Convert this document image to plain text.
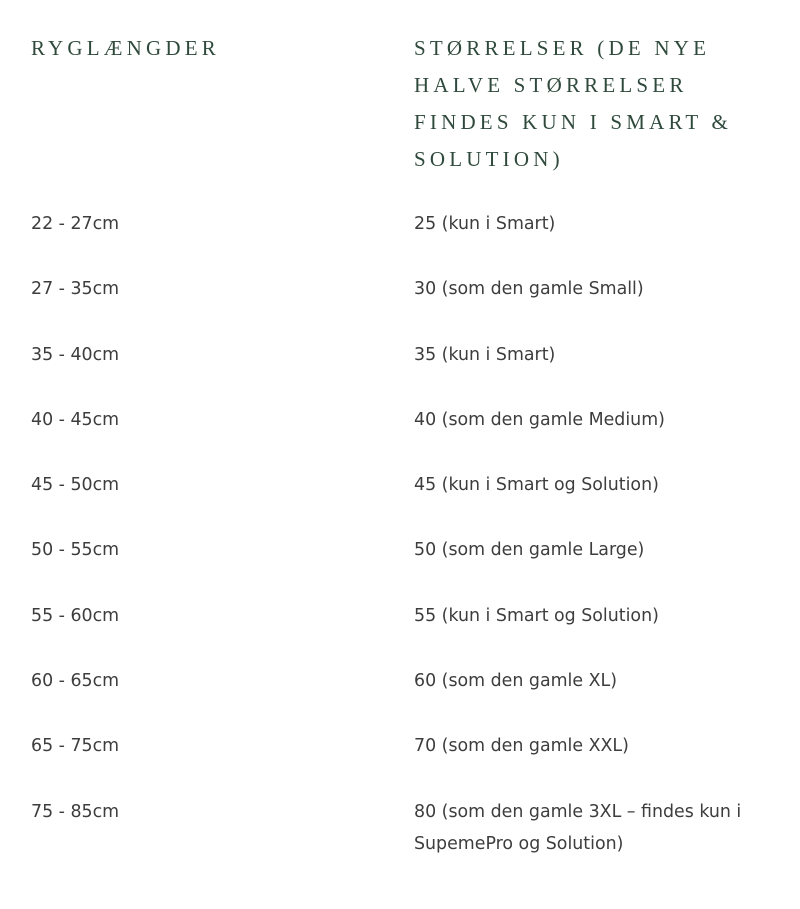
RYGLÆNGDER	STØRRELSER (DE NYE HALVE STØRRELSER FINDES KUN I SMART & SOLUTION)
22 - 27cm	25 (kun i Smart)
27 - 35cm	30 (som den gamle Small)
35 - 40cm	35 (kun i Smart)
40 - 45cm	40 (som den gamle Medium)
45 - 50cm	45 (kun i Smart og Solution)
50 - 55cm	50 (som den gamle Large)
55 - 60cm	55 (kun i Smart og Solution)
60 - 65cm	60 (som den gamle XL)
65 - 75cm	70 (som den gamle XXL)
75 - 85cm	80 (som den gamle 3XL – findes kun i SupemePro og Solution)
